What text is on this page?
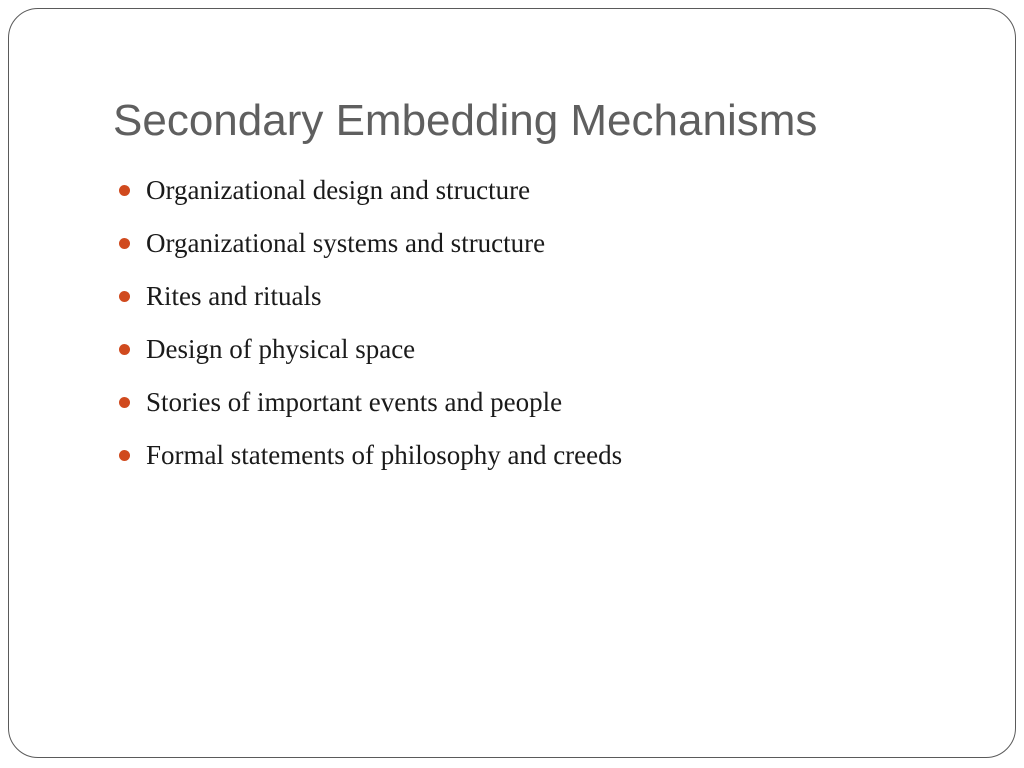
Secondary Embedding Mechanisms
Organizational design and structure
Organizational systems and structure
Rites and rituals
Design of physical space
Stories of important events and people
Formal statements of philosophy and creeds
